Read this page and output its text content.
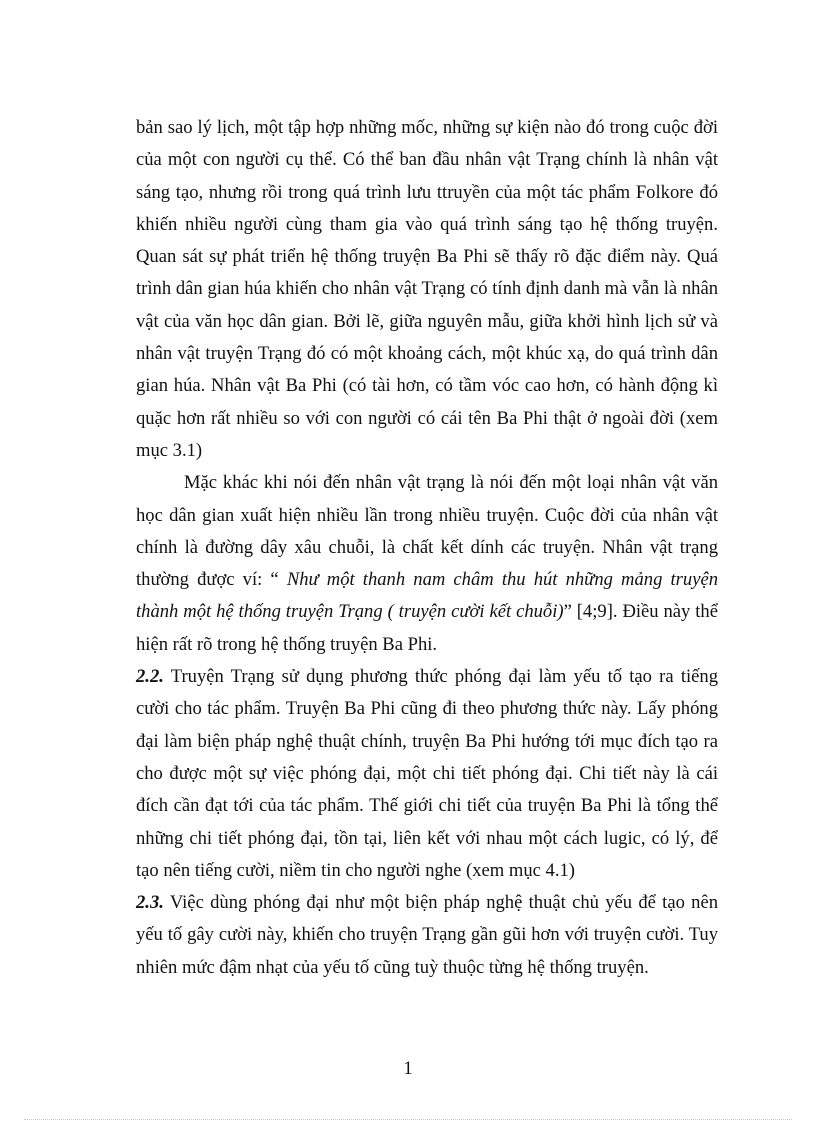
bản sao lý lịch, một tập hợp những mốc, những sự kiện nào đó trong cuộc đời của một con người cụ thể. Có thể ban đầu nhân vật Trạng chính là nhân vật sáng tạo, nhưng rồi trong quá trình lưu ttruyền của một tác phẩm Folkore đó khiến nhiều người cùng tham gia vào quá trình sáng tạo hệ thống truyện. Quan sát sự phát triển hệ thống truyện Ba Phi sẽ thấy rõ đặc điểm này. Quá trình dân gian húa khiến cho nhân vật Trạng có tính định danh mà vẫn là nhân vật của văn học dân gian. Bởi lẽ, giữa nguyên mẫu, giữa khởi hình lịch sử và nhân vật truyện Trạng đó có một khoảng cách, một khúc xạ, do quá trình dân gian húa. Nhân vật Ba Phi (có tài hơn, có tầm vóc cao hơn, có hành động kì quặc hơn rất nhiều so với con người có cái tên Ba Phi thật ở ngoài đời (xem mục 3.1)

Mặc khác khi nói đến nhân vật trạng là nói đến một loại nhân vật văn học dân gian xuất hiện nhiều lần trong nhiều truyện. Cuộc đời của nhân vật chính là đường dây xâu chuỗi, là chất kết dính các truyện. Nhân vật trạng thường được ví: “ Như một thanh nam châm thu hút những mảng truyện thành một hệ thống truyện Trạng ( truyện cười kết chuỗi)” [4;9]. Điều này thể hiện rất rõ trong hệ thống truyện Ba Phi.

2.2. Truyện Trạng sử dụng phương thức phóng đại làm yếu tố tạo ra tiếng cười cho tác phẩm. Truyện Ba Phi cũng đi theo phương thức này. Lấy phóng đại làm biện pháp nghệ thuật chính, truyện Ba Phi hướng tới mục đích tạo ra cho được một sự việc phóng đại, một chi tiết phóng đại. Chi tiết này là cái đích cần đạt tới của tác phẩm. Thế giới chi tiết của truyện Ba Phi là tổng thể những chi tiết phóng đại, tồn tại, liên kết với nhau một cách lugic, có lý, để tạo nên tiếng cười, niềm tin cho người nghe (xem mục 4.1)

2.3. Việc dùng phóng đại như một biện pháp nghệ thuật chủ yếu để tạo nên yếu tố gây cười này, khiến cho truyện Trạng gần gũi hơn với truyện cười. Tuy nhiên mức đậm nhạt của yếu tố cũng tuỳ thuộc từng hệ thống truyện.

1
